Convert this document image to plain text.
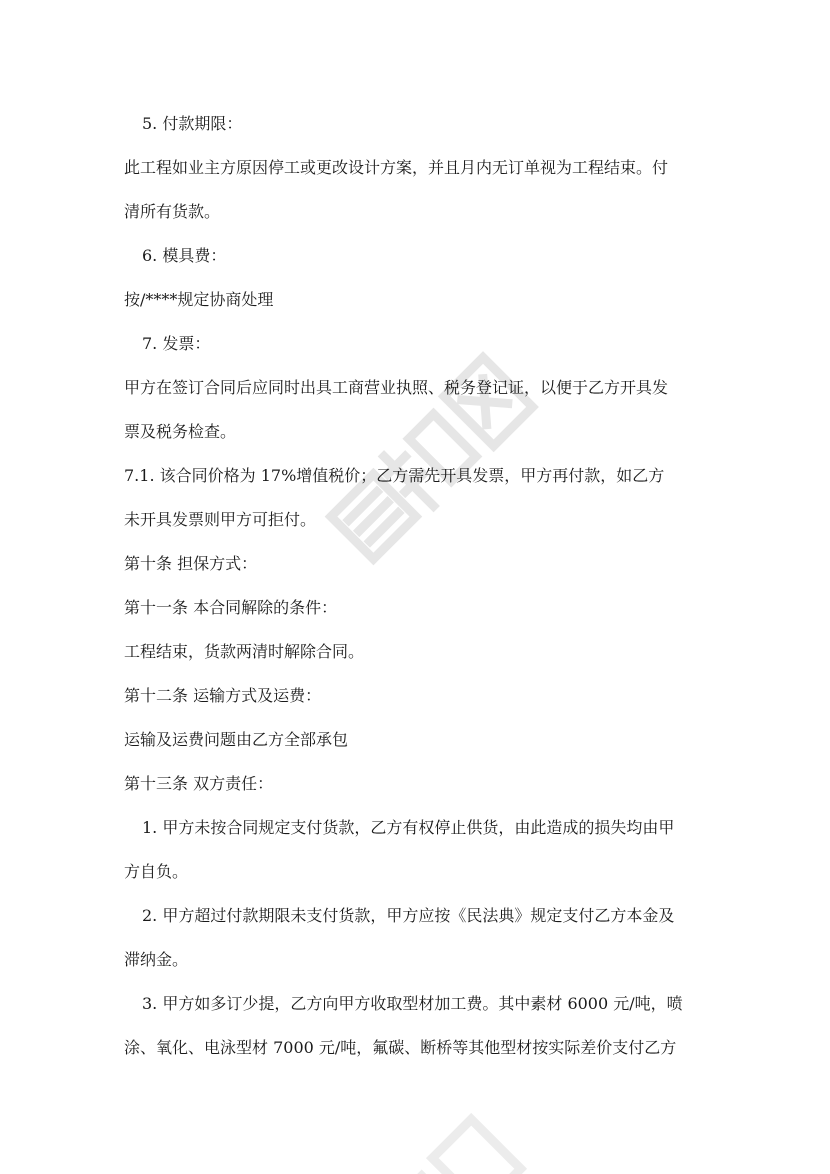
5. 付款期限：
此工程如业主方原因停工或更改设计方案，并且月内无订单视为工程结束。付
清所有货款。
6. 模具费：
按/****规定协商处理
7. 发票：
甲方在签订合同后应同时出具工商营业执照、税务登记证，以便于乙方开具发
票及税务检查。
7.1. 该合同价格为 17%增值税价；乙方需先开具发票，甲方再付款，如乙方
未开具发票则甲方可拒付。
第十条 担保方式：
第十一条 本合同解除的条件：
工程结束，货款两清时解除合同。
第十二条 运输方式及运费：
运输及运费问题由乙方全部承包
第十三条 双方责任：
1. 甲方未按合同规定支付货款，乙方有权停止供货，由此造成的损失均由甲
方自负。
2. 甲方超过付款期限未支付货款，甲方应按《民法典》规定支付乙方本金及
滞纳金。
3. 甲方如多订少提，乙方向甲方收取型材加工费。其中素材 6000 元/吨，喷
涂、氧化、电泳型材 7000 元/吨，氟碳、断桥等其他型材按实际差价支付乙方
